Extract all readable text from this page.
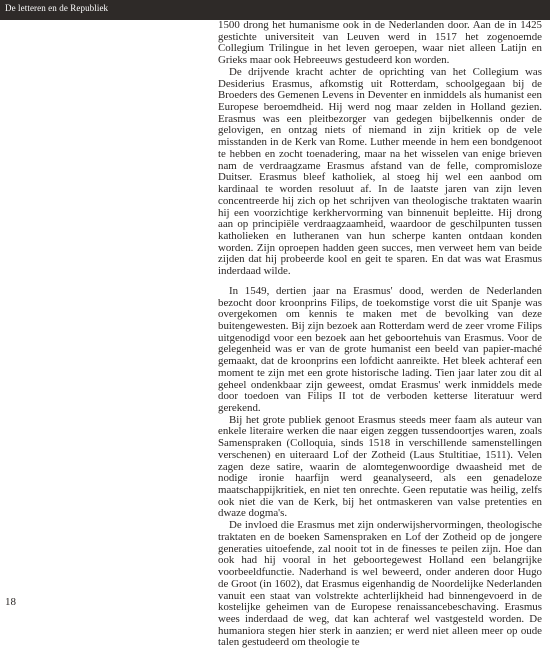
De letteren en de Republiek

1500 drong het humanisme ook in de Nederlanden door. Aan de in 1425 gestichte universiteit van Leuven werd in 1517 het zogenoemde Collegium Trilingue in het leven geroepen, waar niet alleen Latijn en Grieks maar ook Hebreeuws gestudeerd kon worden.

De drijvende kracht achter de oprichting van het Collegium was Desiderius Erasmus, afkomstig uit Rotterdam, schoolgegaan bij de Broeders des Gemenen Levens in Deventer en inmiddels als humanist een Europese beroemdheid. Hij werd nog maar zelden in Holland gezien. Erasmus was een pleitbezorger van gedegen bijbelkennis onder de gelovigen, en ontzag niets of niemand in zijn kritiek op de vele misstanden in de Kerk van Rome. Luther meende in hem een bondgenoot te hebben en zocht toenadering, maar na het wisselen van enige brieven nam de verdraagzame Erasmus afstand van de felle, compromisloze Duitser. Erasmus bleef katholiek, al stoeg hij wel een aanbod om kardinaal te worden resoluut af. In de laatste jaren van zijn leven concentreerde hij zich op het schrijven van theologische traktaten waarin hij een voorzichtige kerkhervorming van binnenuit bepleitte. Hij drong aan op principiële verdraagzaamheid, waardoor de geschilpunten tussen katholieken en lutheranen van hun scherpe kanten ontdaan konden worden. Zijn oproepen hadden geen succes, men verweet hem van beide zijden dat hij probeerde kool en geit te sparen. En dat was wat Erasmus inderdaad wilde.

In 1549, dertien jaar na Erasmus' dood, werden de Nederlanden bezocht door kroonprins Filips, de toekomstige vorst die uit Spanje was overgekomen om kennis te maken met de bevolking van deze buitengewesten. Bij zijn bezoek aan Rotterdam werd de zeer vrome Filips uitgenodigd voor een bezoek aan het geboortehuis van Erasmus. Voor de gelegenheid was er van de grote humanist een beeld van papier-maché gemaakt, dat de kroonprins een lofdicht aanreikte. Het bleek achteraf een moment te zijn met een grote historische lading. Tien jaar later zou dit al geheel ondenkbaar zijn geweest, omdat Erasmus' werk inmiddels mede door toedoen van Filips II tot de verboden ketterse literatuur werd gerekend.

Bij het grote publiek genoot Erasmus steeds meer faam als auteur van enkele literaire werken die naar eigen zeggen tussendoortjes waren, zoals Samenspraken (Colloquia, sinds 1518 in verschillende samenstellingen verschenen) en uiteraard Lof der Zotheid (Laus Stultitiae, 1511). Velen zagen deze satire, waarin de alomtegenwoordige dwaasheid met de nodige ironie haarfijn werd geanalyseerd, als een genadeloze maatschappijkritiek, en niet ten onrechte. Geen reputatie was heilig, zelfs ook niet die van de Kerk, bij het ontmaskeren van valse pretenties en dwaze dogma's.

De invloed die Erasmus met zijn onderwijshervormingen, theologische traktaten en de boeken Samenspraken en Lof der Zotheid op de jongere generaties uitoefende, zal nooit tot in de finesses te peilen zijn. Hoe dan ook had hij vooral in het geboortegewest Holland een belangrijke voorbeeldfunctie. Naderhand is wel beweerd, onder anderen door Hugo de Groot (in 1602), dat Erasmus eigenhandig de Noordelijke Nederlanden vanuit een staat van volstrekte achterlijkheid had binnengevoerd in de kostelijke geheimen van de Europese renaissancebeschaving. Erasmus wees inderdaad de weg, dat kan achteraf wel vastgesteld worden. De humaniora stegen hier sterk in aanzien; er werd niet alleen meer op oude talen gestudeerd om theologie te

18
